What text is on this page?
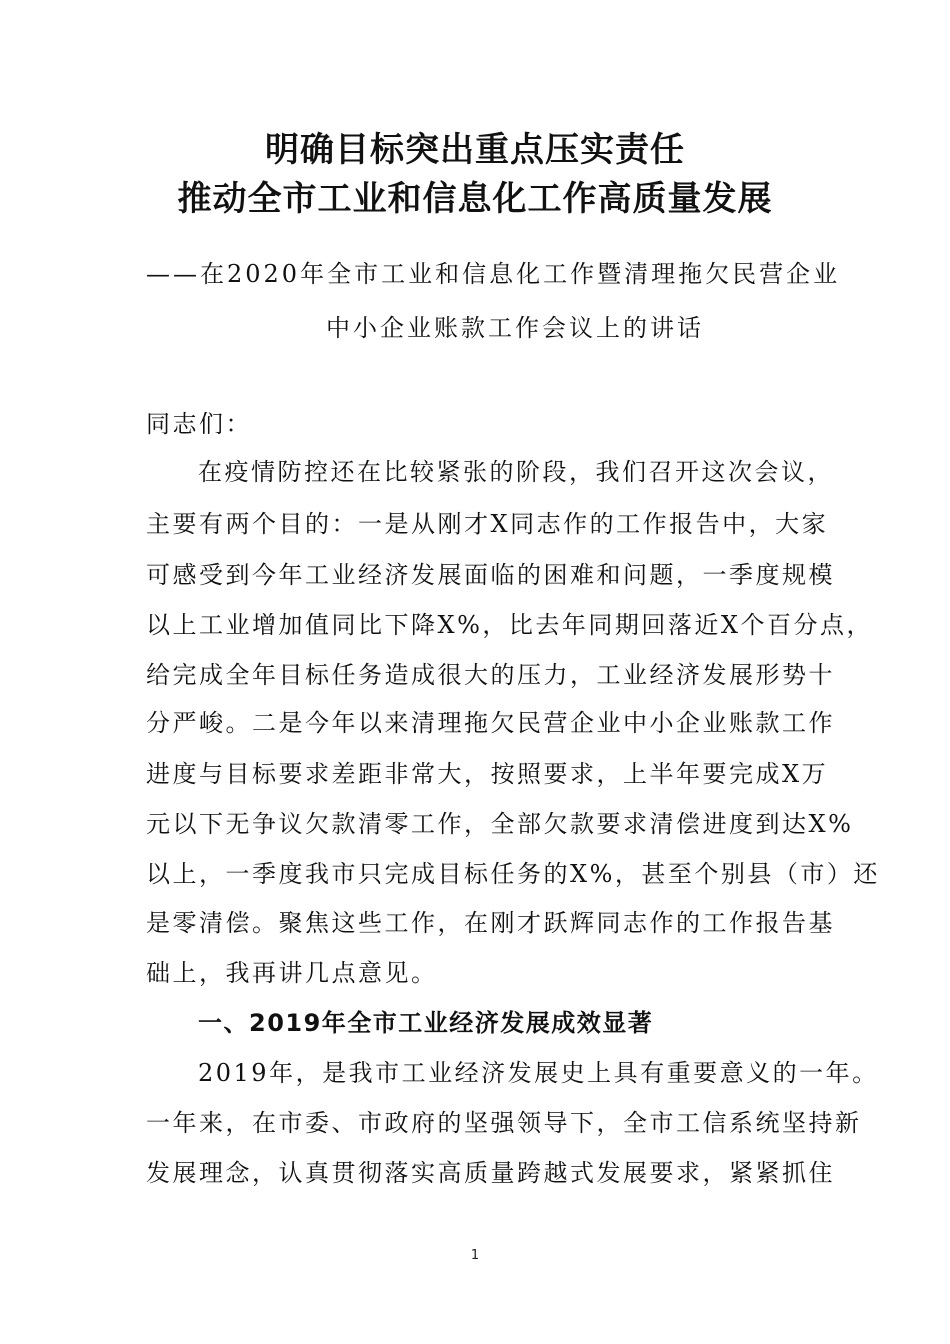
明确目标突出重点压实责任
推动全市工业和信息化工作高质量发展
——在2020年全市工业和信息化工作暨清理拖欠民营企业
中小企业账款工作会议上的讲话
同志们：
在疫情防控还在比较紧张的阶段，我们召开这次会议，
主要有两个目的：一是从刚才X同志作的工作报告中，大家
可感受到今年工业经济发展面临的困难和问题，一季度规模
以上工业增加值同比下降X%，比去年同期回落近X个百分点，
给完成全年目标任务造成很大的压力，工业经济发展形势十
分严峻。二是今年以来清理拖欠民营企业中小企业账款工作
进度与目标要求差距非常大，按照要求，上半年要完成X万
元以下无争议欠款清零工作，全部欠款要求清偿进度到达X%
以上，一季度我市只完成目标任务的X%，甚至个别县（市）还
是零清偿。聚焦这些工作，在刚才跃辉同志作的工作报告基
础上，我再讲几点意见。
一、2019年全市工业经济发展成效显著
2019年，是我市工业经济发展史上具有重要意义的一年。
一年来，在市委、市政府的坚强领导下，全市工信系统坚持新
发展理念，认真贯彻落实高质量跨越式发展要求，紧紧抓住
1
